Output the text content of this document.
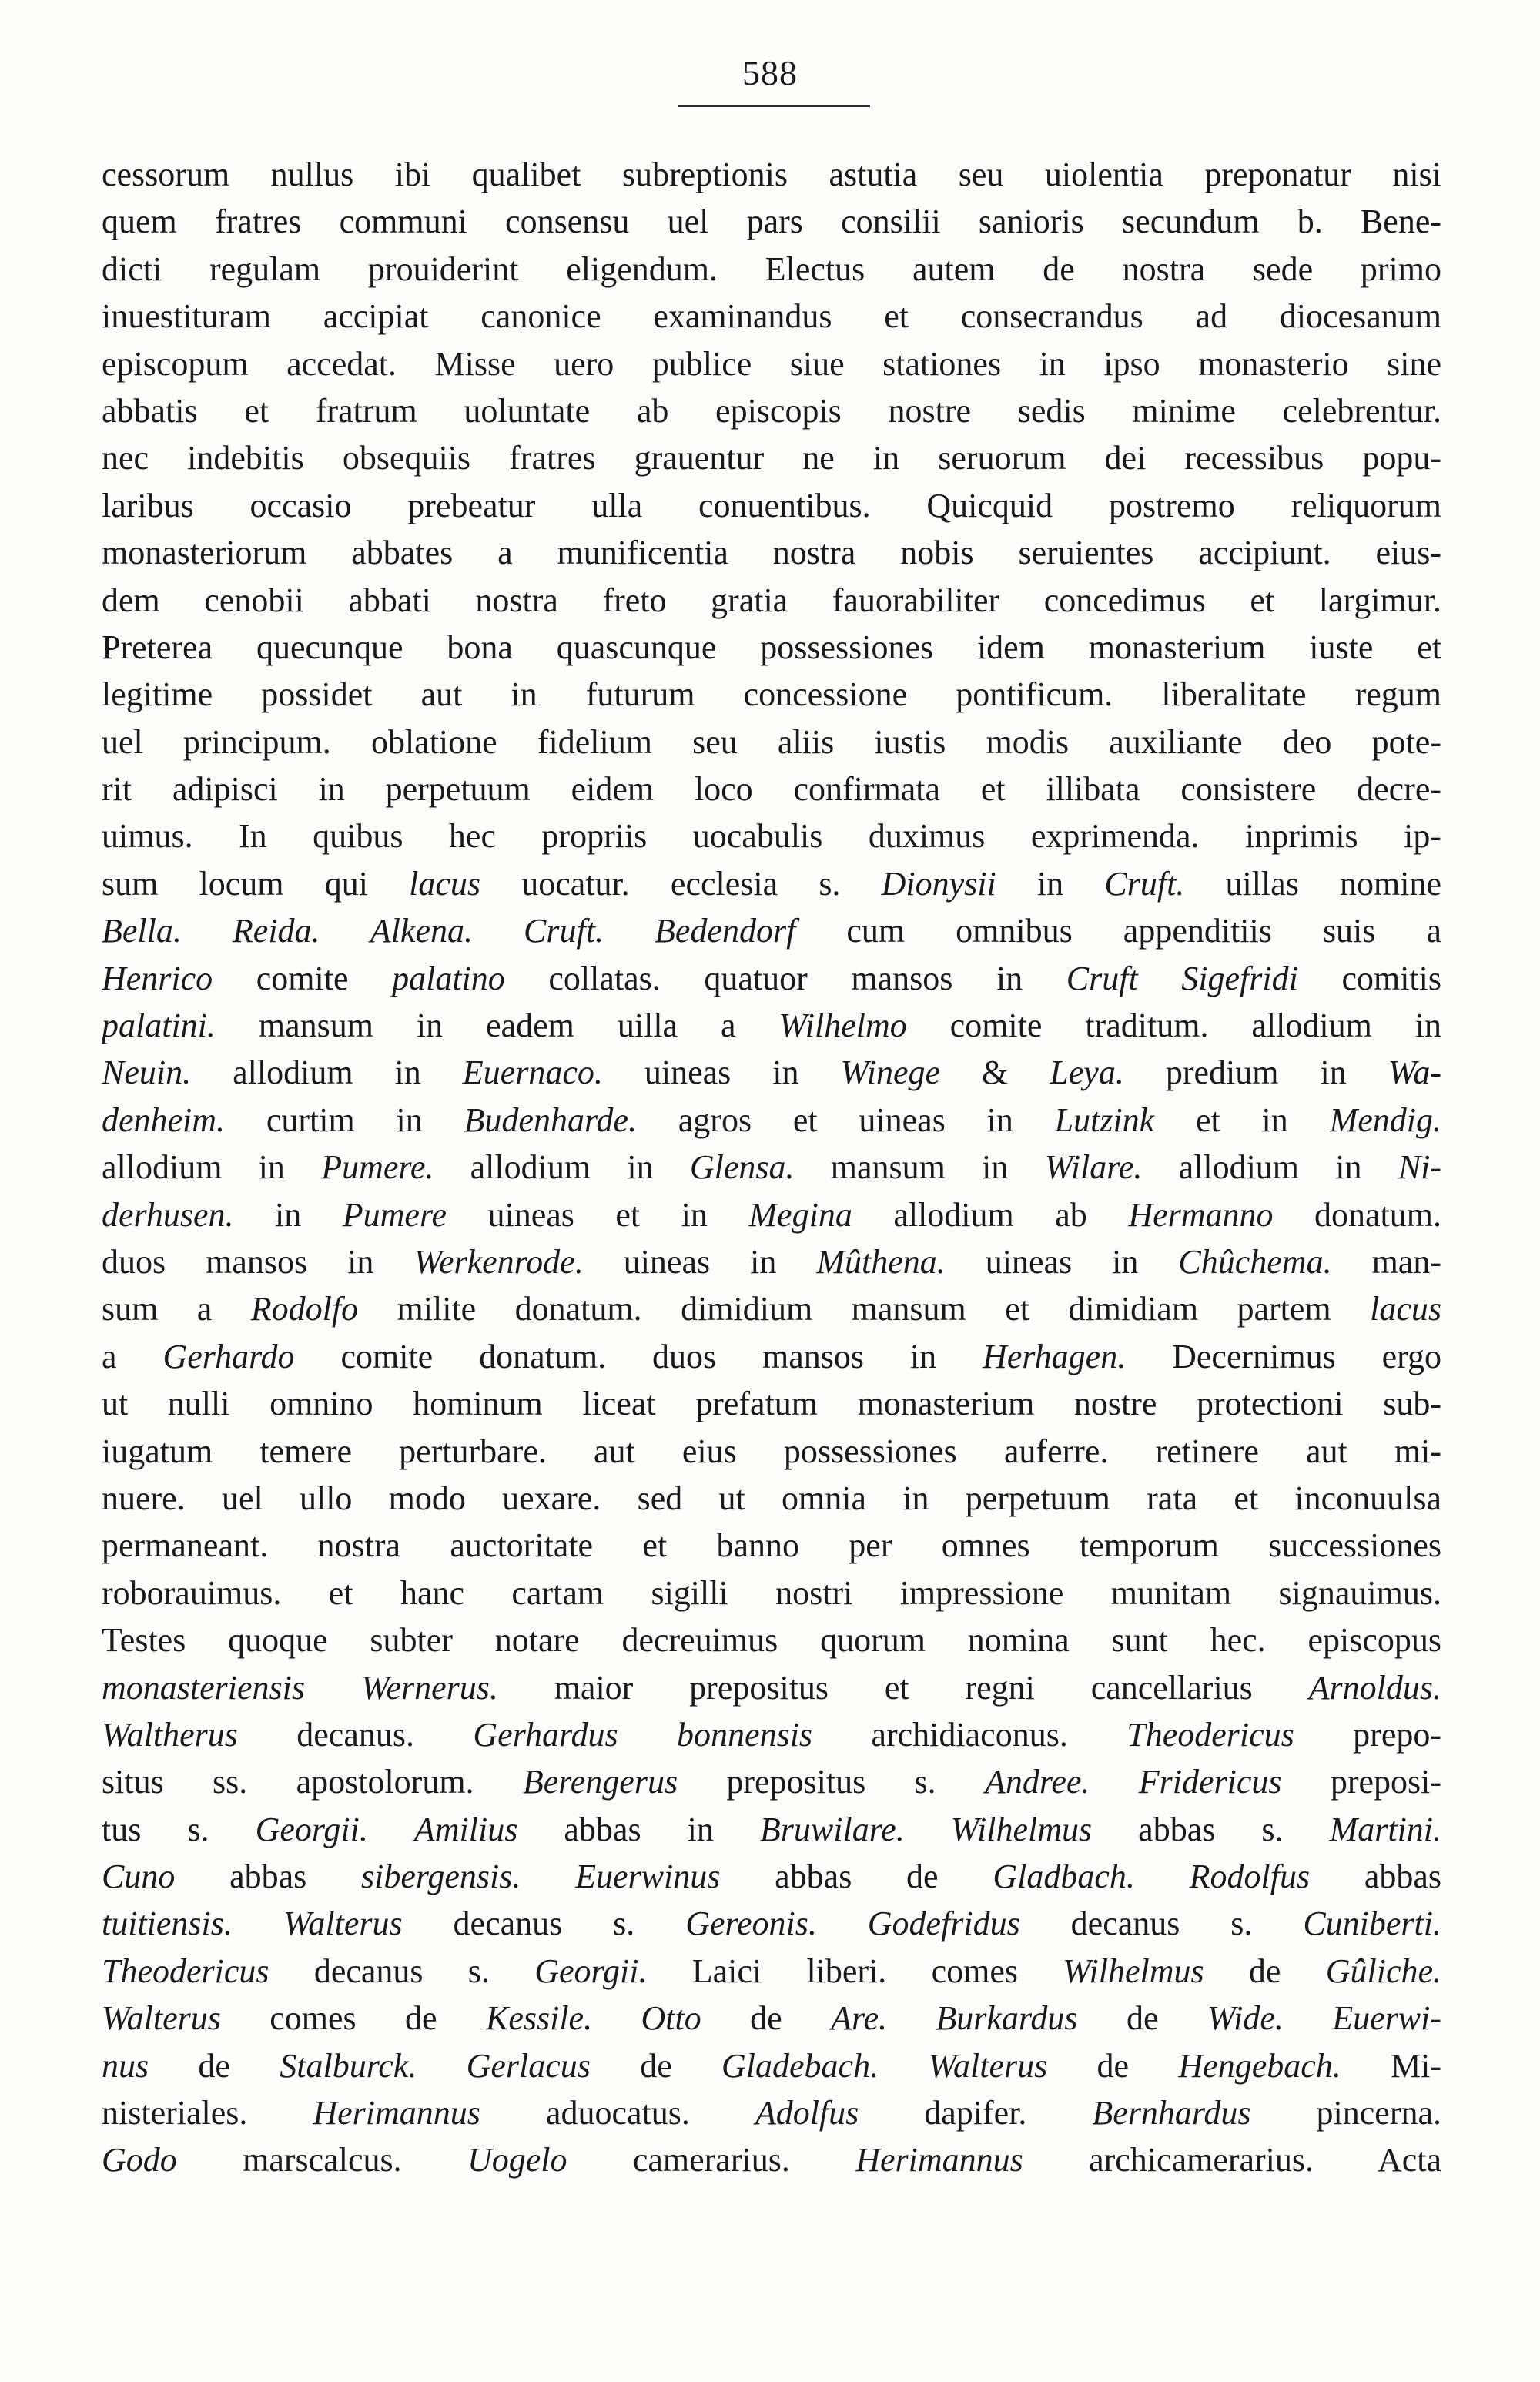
588
cessorum nullus ibi qualibet subreptionis astutia seu uiolentia preponatur nisi
quem fratres communi consensu uel pars consilii sanioris secundum b. Bene-
dicti regulam prouiderint eligendum. Electus autem de nostra sede primo
inuestituram accipiat canonice examinandus et consecrandus ad diocesanum
episcopum accedat. Misse uero publice siue stationes in ipso monasterio sine
abbatis et fratrum uoluntate ab episcopis nostre sedis minime celebrentur.
nec indebitis obsequiis fratres grauentur ne in seruorum dei recessibus popu-
laribus occasio prebeatur ulla conuentibus. Quicquid postremo reliquorum
monasteriorum abbates a munificentia nostra nobis seruientes accipiunt. eius-
dem cenobii abbati nostra freto gratia fauorabiliter concedimus et largimur.
Preterea quecunque bona quascunque possessiones idem monasterium iuste et
legitime possidet aut in futurum concessione pontificum. liberalitate regum
uel principum. oblatione fidelium seu aliis iustis modis auxiliante deo pote-
rit adipisci in perpetuum eidem loco confirmata et illibata consistere decre-
uimus. In quibus hec propriis uocabulis duximus exprimenda. inprimis ip-
sum locum qui lacus uocatur. ecclesia s. Dionysii in Cruft. uillas nomine
Bella. Reida. Alkena. Cruft. Bedendorf cum omnibus appenditiis suis a
Henrico comite palatino collatas. quatuor mansos in Cruft Sigefridi comitis
palatini. mansum in eadem uilla a Wilhelmo comite traditum. allodium in
Neuin. allodium in Euernaco. uineas in Winege & Leya. predium in Wa-
denheim. curtim in Budenharde. agros et uineas in Lutzink et in Mendig.
allodium in Pumere. allodium in Glensa. mansum in Wilare. allodium in Ni-
derhusen. in Pumere uineas et in Megina allodium ab Hermanno donatum.
duos mansos in Werkenrode. uineas in Mûthena. uineas in Chûchema. man-
sum a Rodolfo milite donatum. dimidium mansum et dimidiam partem lacus
a Gerhardo comite donatum. duos mansos in Herhagen. Decernimus ergo
ut nulli omnino hominum liceat prefatum monasterium nostre protectioni sub-
iugatum temere perturbare. aut eius possessiones auferre. retinere aut mi-
nuere. uel ullo modo uexare. sed ut omnia in perpetuum rata et inconuulsa
permaneant. nostra auctoritate et banno per omnes temporum successiones
roborauimus. et hanc cartam sigilli nostri impressione munitam signauimus.
Testes quoque subter notare decreuimus quorum nomina sunt hec. episcopus
monasteriensis Wernerus. maior prepositus et regni cancellarius Arnoldus.
Waltherus decanus. Gerhardus bonnensis archidiaconus. Theodericus prepo-
situs ss. apostolorum. Berengerus prepositus s. Andree. Fridericus preposi-
tus s. Georgii. Amilius abbas in Bruwilare. Wilhelmus abbas s. Martini.
Cuno abbas sibergensis. Euerwinus abbas de Gladbach. Rodolfus abbas
tuitiensis. Walterus decanus s. Gereonis. Godefridus decanus s. Cuniberti.
Theodericus decanus s. Georgii. Laici liberi. comes Wilhelmus de Gûliche.
Walterus comes de Kessile. Otto de Are. Burkardus de Wide. Euerwi-
nus de Stalburck. Gerlacus de Gladebach. Walterus de Hengebach. Mi-
nisteriales. Herimannus aduocatus. Adolfus dapifer. Bernhardus pincerna.
Godo marscalcus. Uogelo camerarius. Herimannus archicamerarius. Acta
